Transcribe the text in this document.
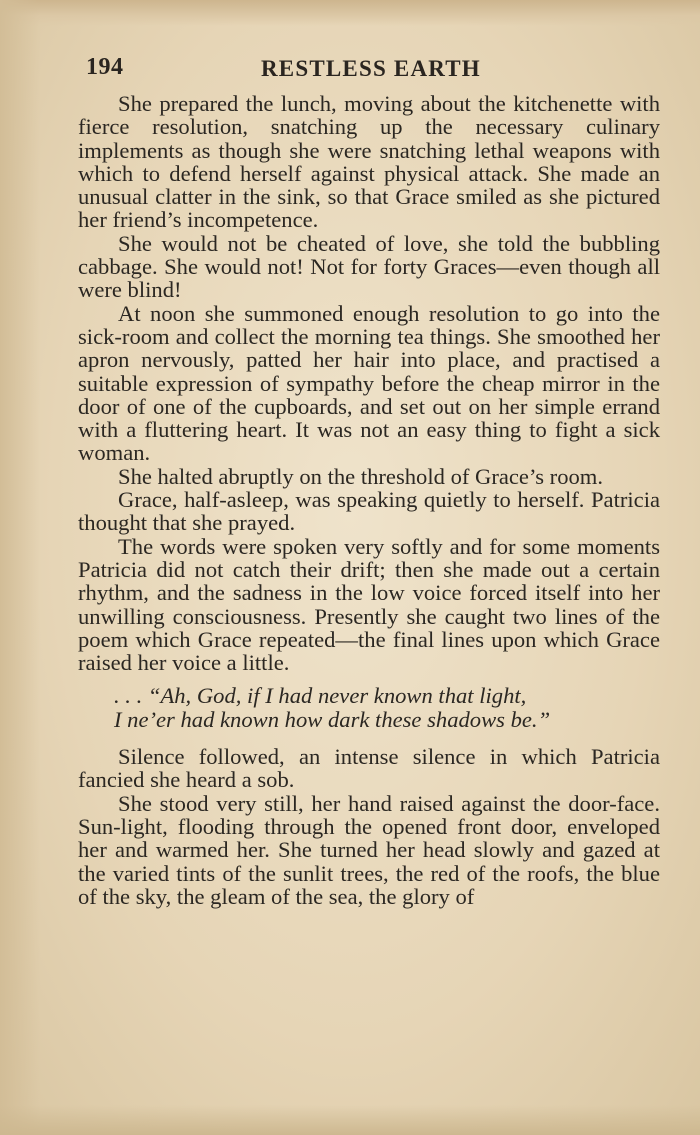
194	RESTLESS EARTH

She prepared the lunch, moving about the kitchenette with fierce resolution, snatching up the necessary culinary implements as though she were snatching lethal weapons with which to defend herself against physical attack. She made an unusual clatter in the sink, so that Grace smiled as she pictured her friend’s incompetence.

She would not be cheated of love, she told the bubbling cabbage. She would not! Not for forty Graces—even though all were blind!

At noon she summoned enough resolution to go into the sick-room and collect the morning tea things. She smoothed her apron nervously, patted her hair into place, and practised a suitable expression of sympathy before the cheap mirror in the door of one of the cupboards, and set out on her simple errand with a fluttering heart. It was not an easy thing to fight a sick woman.

She halted abruptly on the threshold of Grace’s room.

Grace, half-asleep, was speaking quietly to herself. Patricia thought that she prayed.

The words were spoken very softly and for some moments Patricia did not catch their drift; then she made out a certain rhythm, and the sadness in the low voice forced itself into her unwilling consciousness. Presently she caught two lines of the poem which Grace repeated—the final lines upon which Grace raised her voice a little.

. . . “Ah, God, if I had never known that light,
I ne’er had known how dark these shadows be.”

Silence followed, an intense silence in which Patricia fancied she heard a sob.

She stood very still, her hand raised against the door-face. Sun-light, flooding through the opened front door, enveloped her and warmed her. She turned her head slowly and gazed at the varied tints of the sunlit trees, the red of the roofs, the blue of the sky, the gleam of the sea, the glory of
